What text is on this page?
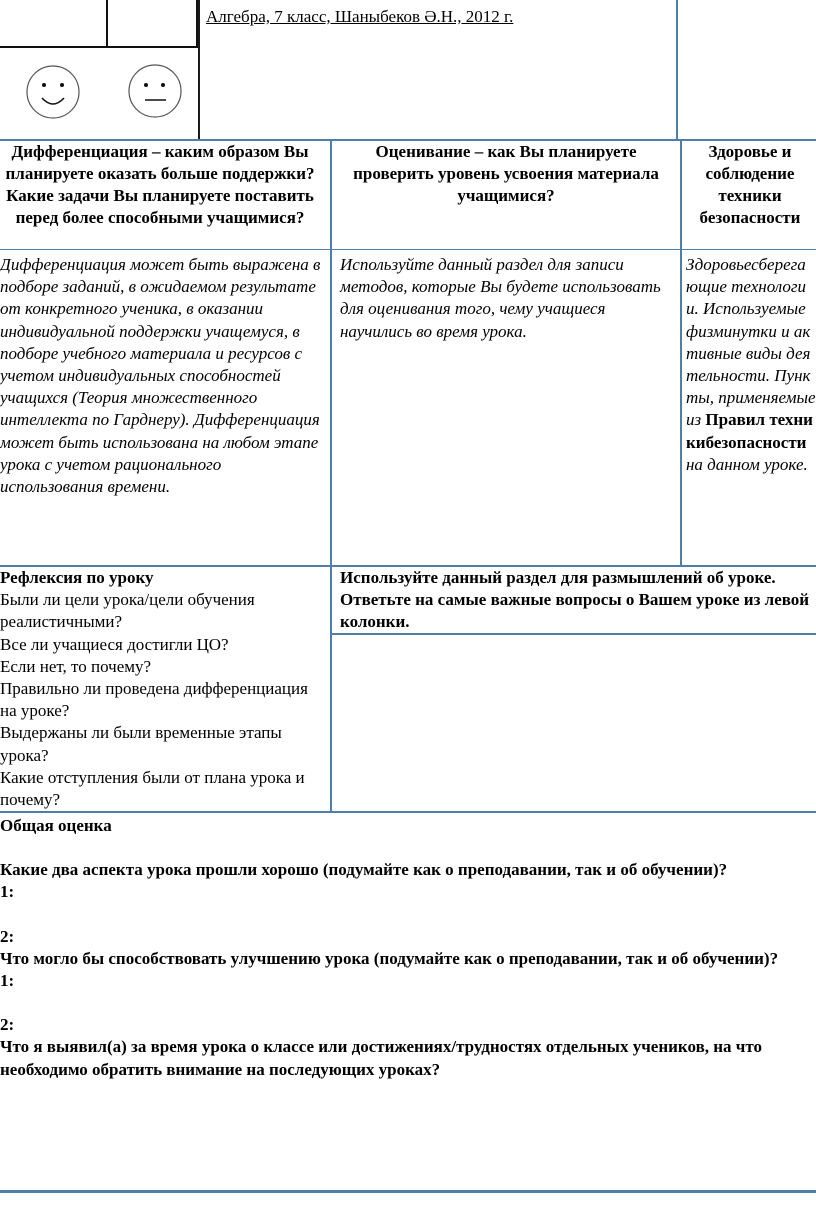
Алгебра, 7 класс, Шаныбеков Ә.Н., 2012 г.
Дифференциация – каким образом Вы планируете оказать больше поддержки? Какие задачи Вы планируете поставить перед более способными учащимися?
Оценивание – как Вы планируете проверить уровень усвоения материала учащимися?
Здоровье и соблюдение техники безопасности
Дифференциация может быть выражена в подборе заданий, в ожидаемом результате от конкретного ученика, в оказании индивидуальной поддержки учащемуся, в подборе учебного материала и ресурсов с учетом индивидуальных способностей учащихся (Теория множественного интеллекта по Гарднеру). Дифференциация может быть использована на любом этапе урока с учетом рационального использования времени.
Используйте данный раздел для записи методов, которые Вы будете использовать для оценивания того, чему учащиеся научились во время урока.
Здоровьесберегающие технологии. Используемые физминутки и активные виды деятельности. Пункты, применяемые из Правил техникибезопасности на данном уроке.
Рефлексия по уроку
Были ли цели урока/цели обучения реалистичными?
Все ли учащиеся достигли ЦО?
Если нет, то почему?
Правильно ли проведена дифференциация на уроке?
Выдержаны ли были временные этапы урока?
Какие отступления были от плана урока и почему?
Используйте данный раздел для размышлений об уроке. Ответьте на самые важные вопросы о Вашем уроке из левой колонки.
Общая оценка
Какие два аспекта урока прошли хорошо (подумайте как о преподавании, так и об обучении)?
1:
2:
Что могло бы способствовать улучшению урока (подумайте как о преподавании, так и об обучении)?
1:
2:
Что я выявил(а) за время урока о классе или достижениях/трудностях отдельных учеников, на что необходимо обратить внимание на последующих уроках?
